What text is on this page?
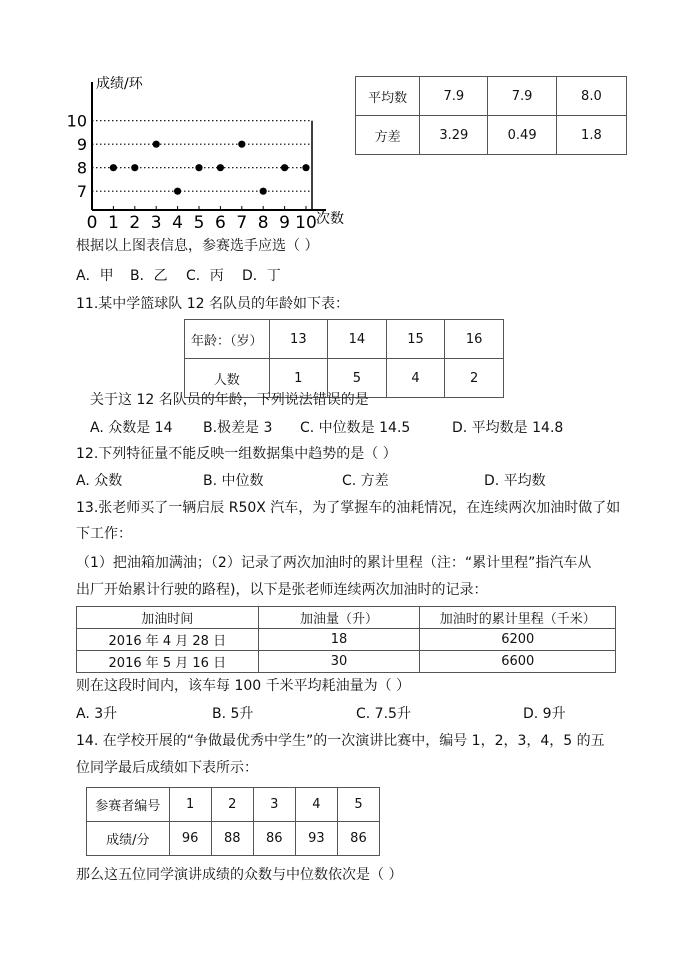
7
8
9
10
0 1 2 3 4 5 6 7 8 9 10
成绩/环
次数
平均数	7.9	7.9	8.0
方差	3.29	0.49	1.8
根据以上图表信息，参赛选手应选（ ）
A．甲 B．乙 C．丙 D．丁
11.某中学篮球队 12 名队员的年龄如下表：
年龄：（岁）	13	14	15	16
人数	1	5	4	2
关于这 12 名队员的年龄，下列说法错误的是
A. 众数是 14 B.极差是 3 C. 中位数是 14.5	D. 平均数是 14.8
12.下列特征量不能反映一组数据集中趋势的是（ ）
A. 众数	B. 中位数	C. 方差	D. 平均数
13.张老师买了一辆启辰 R50X 汽车，为了掌握车的油耗情况，在连续两次加油时做了如
下工作：
（1）把油箱加满油；（2）记录了两次加油时的累计里程（注：“累计里程”指汽车从
出厂开始累计行驶的路程)，以下是张老师连续两次加油时的记录：
加油时间	加油量（升）	加油时的累计里程（千米）
2016 年 4 月 28 日	18	6200
2016 年 5 月 16 日	30	6600
则在这段时间内，该车每 100 千米平均耗油量为（ ）
A. 3升	B. 5升	C. 7.5升	D. 9升
14. 在学校开展的“争做最优秀中学生”的一次演讲比赛中，编号 1，2，3，4，5 的五
位同学最后成绩如下表所示：
参赛者编号	1	2	3	4	5
成绩/分	96	88	86	93	86
那么这五位同学演讲成绩的众数与中位数依次是（ ）
